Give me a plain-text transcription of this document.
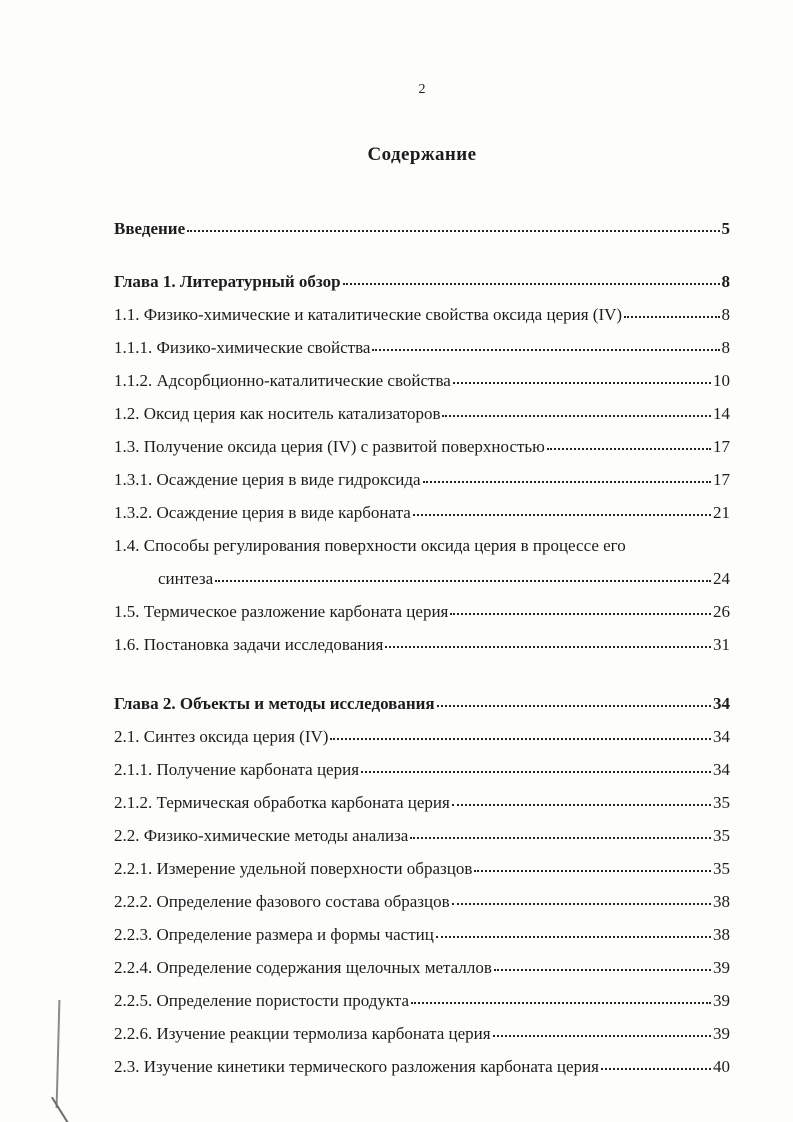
2
Содержание
Введение	5
Глава 1. Литературный обзор	8
1.1. Физико-химические и каталитические свойства оксида церия (IV)	8
1.1.1. Физико-химические свойства	8
1.1.2. Адсорбционно-каталитические свойства	10
1.2. Оксид церия как носитель катализаторов	14
1.3. Получение оксида церия (IV) с развитой поверхностью	17
1.3.1. Осаждение церия в виде гидроксида	17
1.3.2. Осаждение церия в виде карбоната	21
1.4. Способы регулирования поверхности оксида церия в процессе его
синтеза	24
1.5. Термическое разложение карбоната церия	26
1.6. Постановка задачи исследования	31
Глава 2. Объекты и методы исследования	34
2.1. Синтез оксида церия (IV)	34
2.1.1. Получение карбоната церия	34
2.1.2. Термическая обработка карбоната церия	35
2.2. Физико-химические методы анализа	35
2.2.1. Измерение удельной поверхности образцов	35
2.2.2. Определение фазового состава образцов	38
2.2.3. Определение размера и формы частиц	38
2.2.4. Определение содержания щелочных металлов	39
2.2.5. Определение пористости продукта	39
2.2.6. Изучение реакции термолиза карбоната церия	39
2.3. Изучение кинетики термического разложения карбоната церия	40
